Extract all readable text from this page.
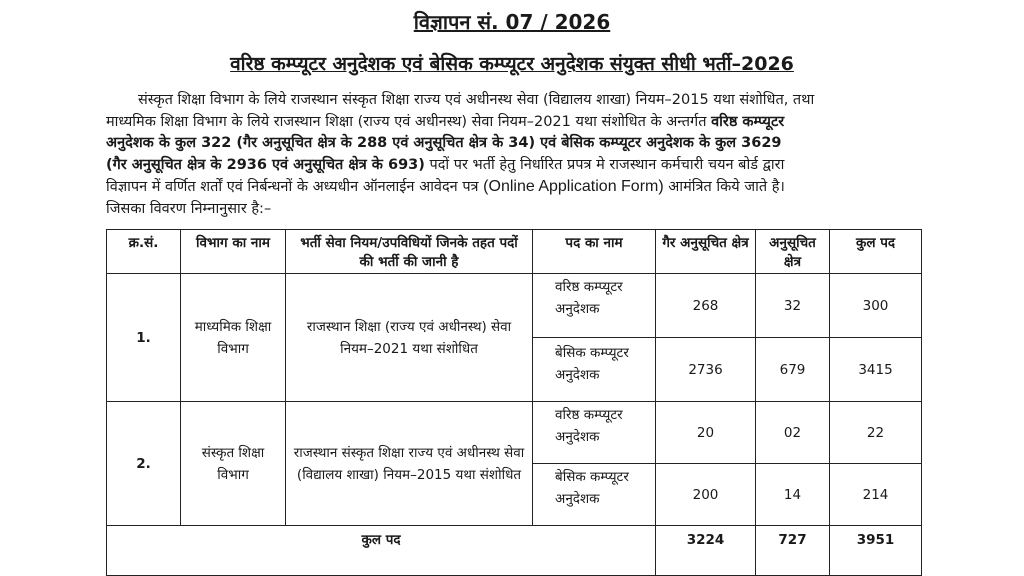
विज्ञापन सं. 07 / 2026
वरिष्ठ कम्प्यूटर अनुदेशक एवं बेसिक कम्प्यूटर अनुदेशक संयुक्त सीधी भर्ती–2026
संस्कृत शिक्षा विभाग के लिये राजस्थान संस्कृत शिक्षा राज्य एवं अधीनस्थ सेवा (विद्यालय शाखा) नियम–2015 यथा संशोधित, तथा
माध्यमिक शिक्षा विभाग के लिये राजस्थान शिक्षा (राज्य एवं अधीनस्थ) सेवा नियम–2021 यथा संशोधित के अन्तर्गत वरिष्ठ कम्प्यूटर
अनुदेशक के कुल 322 (गैर अनुसूचित क्षेत्र के 288 एवं अनुसूचित क्षेत्र के 34) एवं बेसिक कम्प्यूटर अनुदेशक के कुल 3629
(गैर अनुसूचित क्षेत्र के 2936 एवं अनुसूचित क्षेत्र के 693) पदों पर भर्ती हेतु निर्धारित प्रपत्र मे राजस्थान कर्मचारी चयन बोर्ड द्वारा
विज्ञापन में वर्णित शर्तों एवं निर्बन्धनों के अध्यधीन ऑनलाईन आवेदन पत्र (Online Application Form) आमंत्रित किये जाते है।
जिसका विवरण निम्नानुसार है:–
क्र.सं.	विभाग का नाम	भर्ती सेवा नियम/उपविधियों जिनके तहत पदों की भर्ती की जानी है	पद का नाम	गैर अनुसूचित क्षेत्र	अनुसूचित क्षेत्र	कुल पद
1.	माध्यमिक शिक्षा विभाग	राजस्थान शिक्षा (राज्य एवं अधीनस्थ) सेवा नियम–2021 यथा संशोधित	वरिष्ठ कम्प्यूटर अनुदेशक	268	32	300
			बेसिक कम्प्यूटर अनुदेशक	2736	679	3415
2.	संस्कृत शिक्षा विभाग	राजस्थान संस्कृत शिक्षा राज्य एवं अधीनस्थ सेवा (विद्यालय शाखा) नियम–2015 यथा संशोधित	वरिष्ठ कम्प्यूटर अनुदेशक	20	02	22
			बेसिक कम्प्यूटर अनुदेशक	200	14	214
कुल पद				3224	727	3951
